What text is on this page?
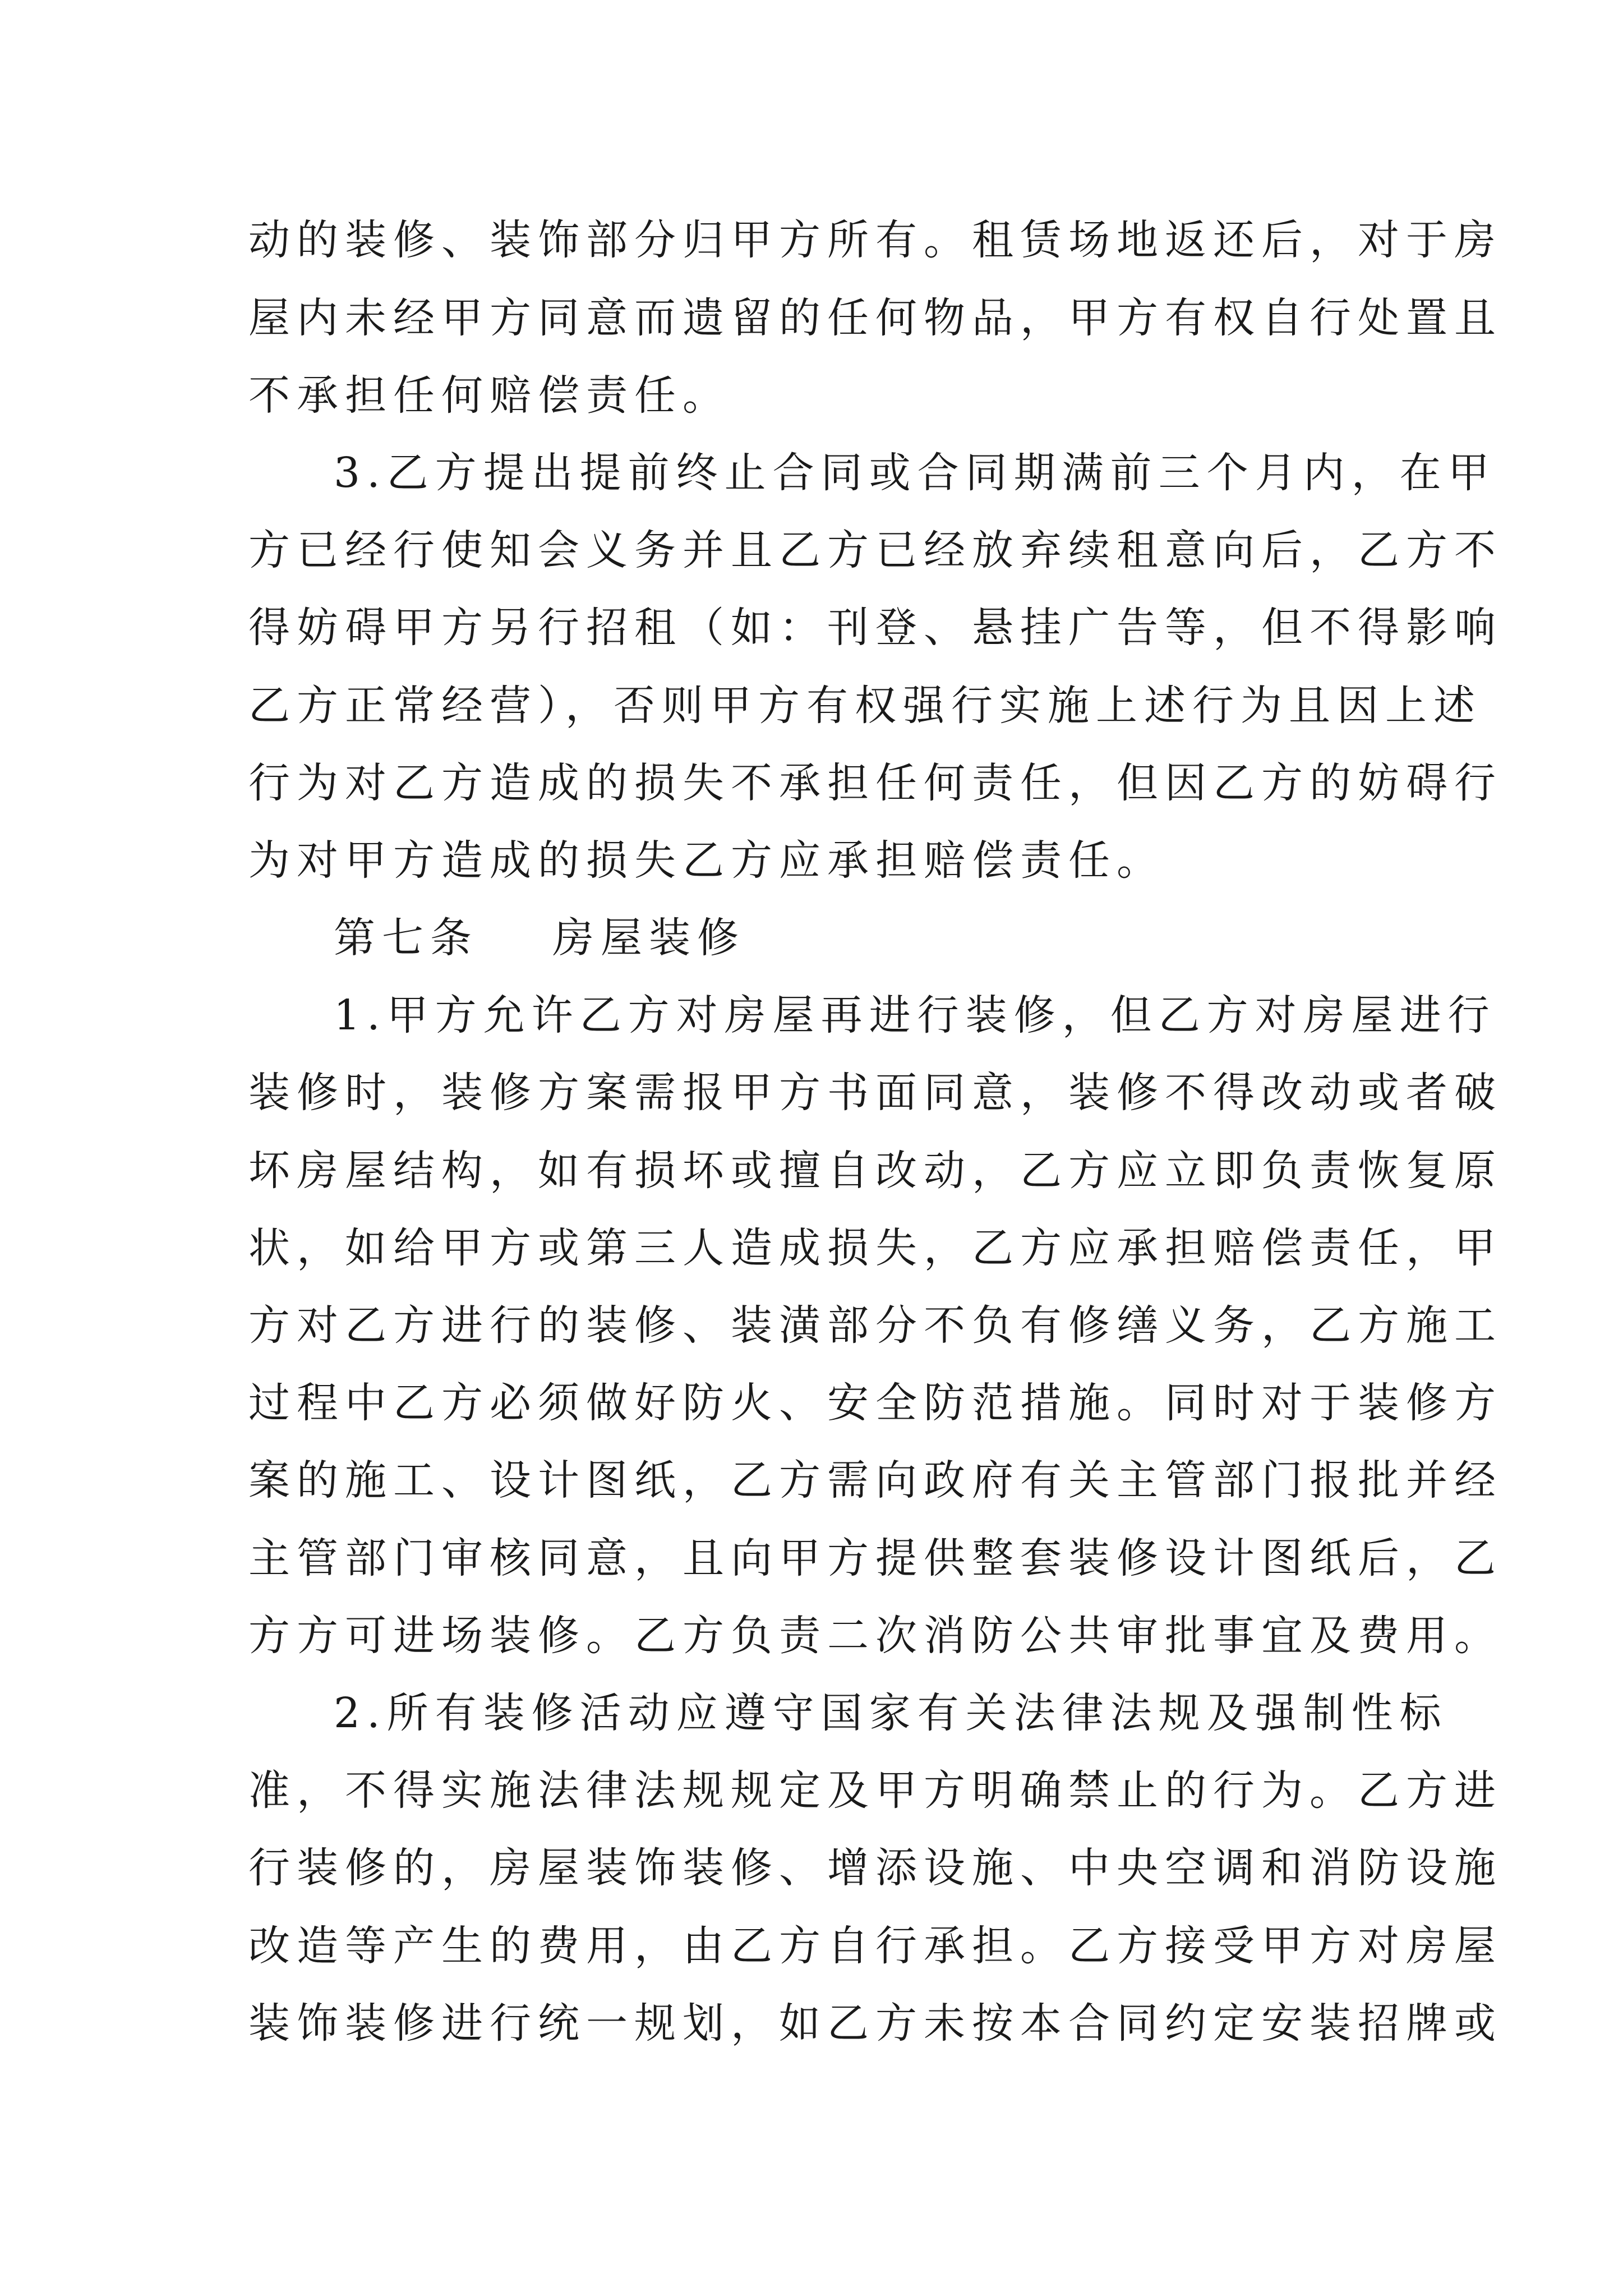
动的装修、装饰部分归甲方所有。租赁场地返还后，对于房
屋内未经甲方同意而遗留的任何物品，甲方有权自行处置且
不承担任何赔偿责任。
3.乙方提出提前终止合同或合同期满前三个月内，在甲
方已经行使知会义务并且乙方已经放弃续租意向后，乙方不
得妨碍甲方另行招租（如：刊登、悬挂广告等，但不得影响
乙方正常经营），否则甲方有权强行实施上述行为且因上述
行为对乙方造成的损失不承担任何责任，但因乙方的妨碍行
为对甲方造成的损失乙方应承担赔偿责任。
第七条 房屋装修
1.甲方允许乙方对房屋再进行装修，但乙方对房屋进行
装修时，装修方案需报甲方书面同意，装修不得改动或者破
坏房屋结构，如有损坏或擅自改动，乙方应立即负责恢复原
状，如给甲方或第三人造成损失，乙方应承担赔偿责任，甲
方对乙方进行的装修、装潢部分不负有修缮义务，乙方施工
过程中乙方必须做好防火、安全防范措施。同时对于装修方
案的施工、设计图纸，乙方需向政府有关主管部门报批并经
主管部门审核同意，且向甲方提供整套装修设计图纸后，乙
方方可进场装修。乙方负责二次消防公共审批事宜及费用。
2.所有装修活动应遵守国家有关法律法规及强制性标
准，不得实施法律法规规定及甲方明确禁止的行为。乙方进
行装修的，房屋装饰装修、增添设施、中央空调和消防设施
改造等产生的费用，由乙方自行承担。乙方接受甲方对房屋
装饰装修进行统一规划，如乙方未按本合同约定安装招牌或
